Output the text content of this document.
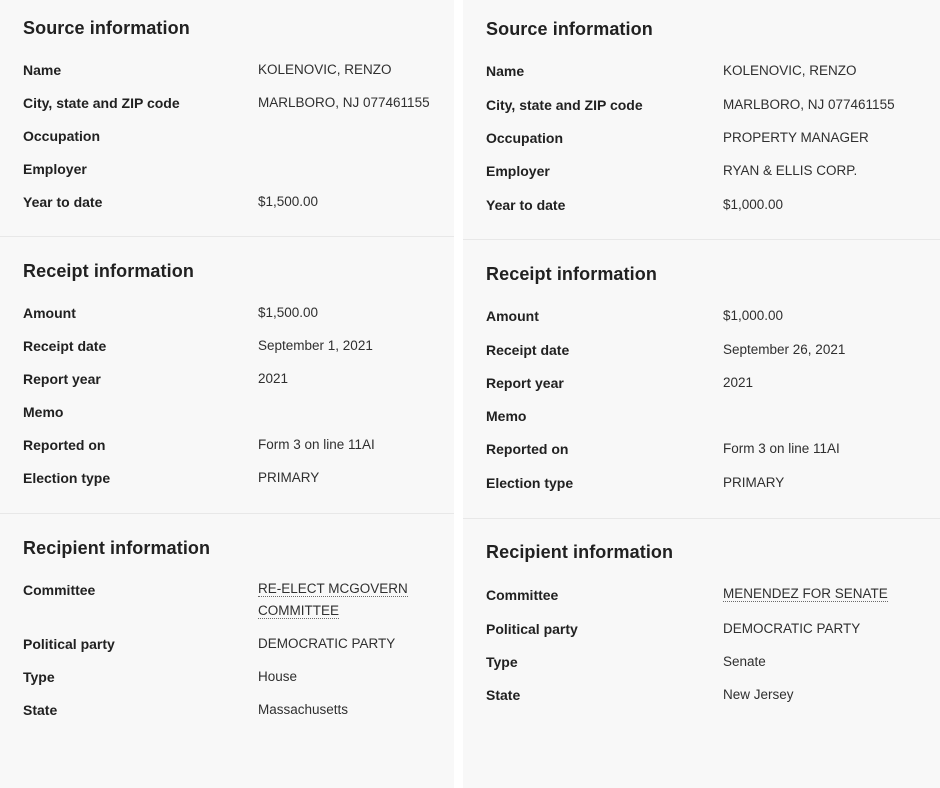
Source information
Name	KOLENOVIC, RENZO
City, state and ZIP code	MARLBORO, NJ 077461155
Occupation
Employer
Year to date	$1,500.00
Receipt information
Amount	$1,500.00
Receipt date	September 1, 2021
Report year	2021
Memo
Reported on	Form 3 on line 11AI
Election type	PRIMARY
Recipient information
Committee	RE-ELECT MCGOVERN
COMMITTEE
Political party	DEMOCRATIC PARTY
Type	House
State	Massachusetts
Source information
Name	KOLENOVIC, RENZO
City, state and ZIP code	MARLBORO, NJ 077461155
Occupation	PROPERTY MANAGER
Employer	RYAN & ELLIS CORP.
Year to date	$1,000.00
Receipt information
Amount	$1,000.00
Receipt date	September 26, 2021
Report year	2021
Memo
Reported on	Form 3 on line 11AI
Election type	PRIMARY
Recipient information
Committee	MENENDEZ FOR SENATE
Political party	DEMOCRATIC PARTY
Type	Senate
State	New Jersey
